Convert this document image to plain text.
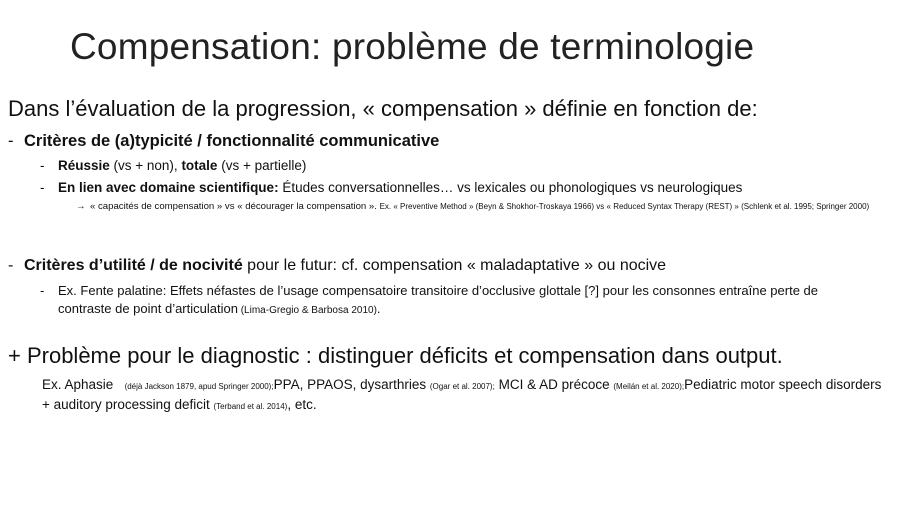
Compensation: problème de terminologie
Dans l’évaluation de la progression, « compensation » définie en fonction de:
- Critères de (a)typicité / fonctionnalité communicative
- Réussie (vs + non), totale (vs + partielle)
- En lien avec domaine scientifique: Études conversationnelles… vs lexicales ou phonologiques vs neurologiques
→ « capacités de compensation » vs « décourager la compensation ». Ex. « Preventive Method » (Beyn & Shokhor-Troskaya 1966) vs « Reduced Syntax Therapy (REST) » (Schlenk et al. 1995; Springer 2000)
- Critères d’utilité / de nocivité pour le futur: cf. compensation « maladaptative » ou nocive
- Ex. Fente palatine: Effets néfastes de l’usage compensatoire transitoire d’occlusive glottale [?] pour les consonnes entraîne perte de
contraste de point d’articulation (Lima-Gregio & Barbosa 2010).
+ Problème pour le diagnostic : distinguer déficits et compensation dans output.
Ex. Aphasie (déjà Jackson 1879, apud Springer 2000);PPA, PPAOS, dysarthries (Ogar et al. 2007); MCI & AD précoce (Meilán et al. 2020);Pediatric motor speech disorders + auditory processing deficit (Terband et al. 2014), etc.
